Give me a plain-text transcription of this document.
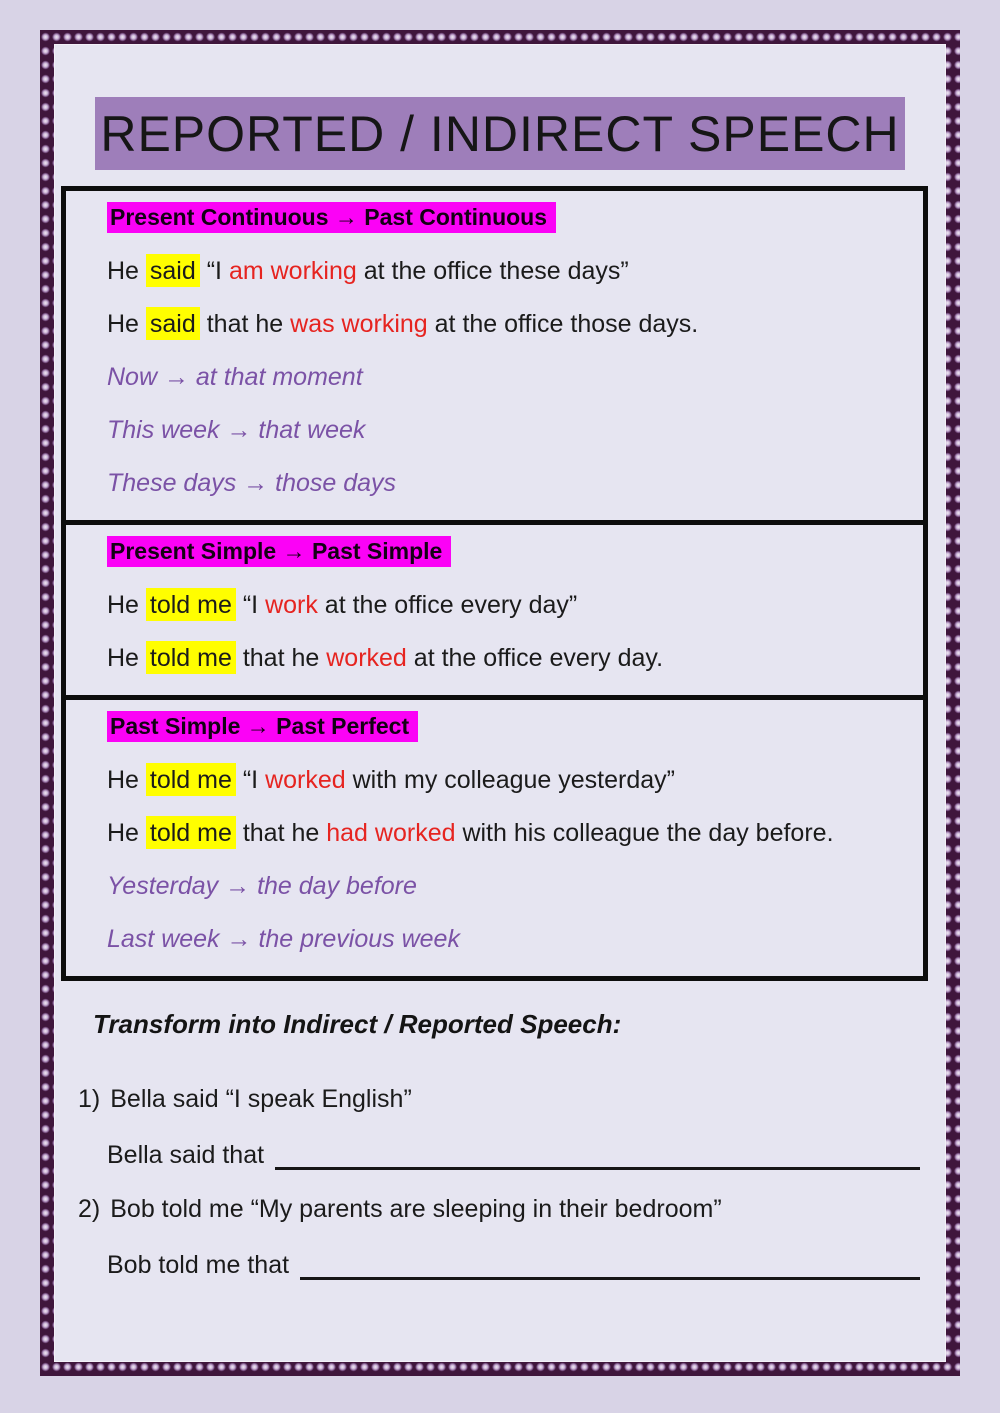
REPORTED / INDIRECT SPEECH
Present Continuous → Past Continuous

He said “I am working at the office these days”

He said that he was working at the office those days.

Now → at that moment

This week → that week

These days → those days

Present Simple → Past Simple

He told me “I work at the office every day”

He told me that he worked at the office every day.

Past Simple → Past Perfect

He told me “I worked with my colleague yesterday”

He told me that he had worked with his colleague the day before.

Yesterday → the day before

Last week → the previous week

Transform into Indirect / Reported Speech:
1) Bella said “I speak English”
Bella said that
2) Bob told me “My parents are sleeping in their bedroom”
Bob told me that
